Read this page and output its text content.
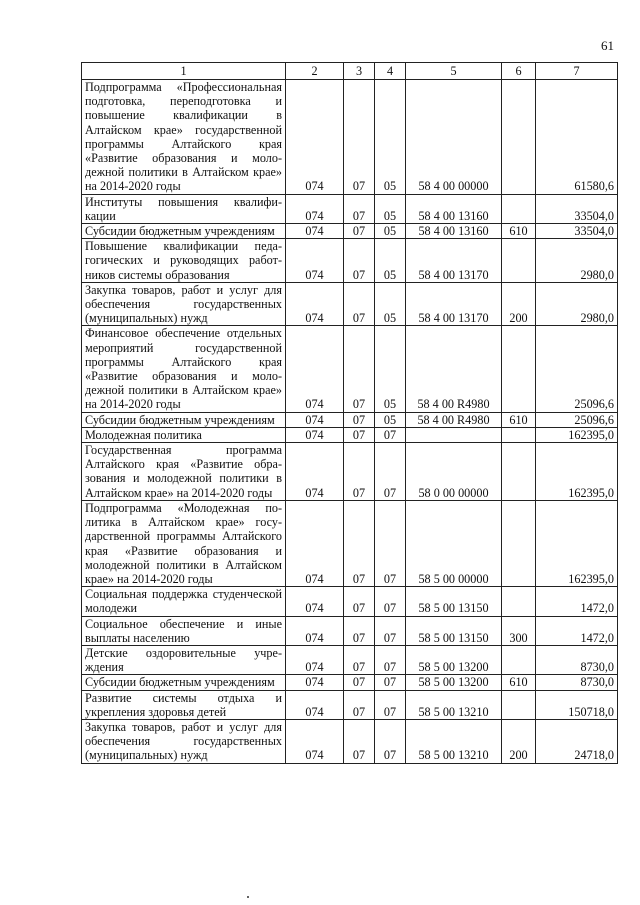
61
1	2	3	4	5	6	7
Подпрограмма «Профессиональная подготовка, переподготовка и повышение квалификации в Алтайском крае» государственной программы Алтайского края «Развитие образования и молодежной политики в Алтайском крае» на 2014-2020 годы	074	07	05	58 4 00 00000		61580,6
Институты повышения квалификации	074	07	05	58 4 00 13160		33504,0
Субсидии бюджетным учреждениям	074	07	05	58 4 00 13160	610	33504,0
Повышение квалификации педагогических и руководящих работников системы образования	074	07	05	58 4 00 13170		2980,0
Закупка товаров, работ и услуг для обеспечения государственных (муниципальных) нужд	074	07	05	58 4 00 13170	200	2980,0
Финансовое обеспечение отдельных мероприятий государственной программы Алтайского края «Развитие образования и молодежной политики в Алтайском крае» на 2014-2020 годы	074	07	05	58 4 00 R4980		25096,6
Субсидии бюджетным учреждениям	074	07	05	58 4 00 R4980	610	25096,6
Молодежная политика	074	07	07			162395,0
Государственная программа Алтайского края «Развитие образования и молодежной политики в Алтайском крае» на 2014-2020 годы	074	07	07	58 0 00 00000		162395,0
Подпрограмма «Молодежная политика в Алтайском крае» государственной программы Алтайского края «Развитие образования и молодежной политики в Алтайском крае» на 2014-2020 годы	074	07	07	58 5 00 00000		162395,0
Социальная поддержка студенческой молодежи	074	07	07	58 5 00 13150		1472,0
Социальное обеспечение и иные выплаты населению	074	07	07	58 5 00 13150	300	1472,0
Детские оздоровительные учреждения	074	07	07	58 5 00 13200		8730,0
Субсидии бюджетным учреждениям	074	07	07	58 5 00 13200	610	8730,0
Развитие системы отдыха и укрепления здоровья детей	074	07	07	58 5 00 13210		150718,0
Закупка товаров, работ и услуг для обеспечения государственных (муниципальных) нужд	074	07	07	58 5 00 13210	200	24718,0
